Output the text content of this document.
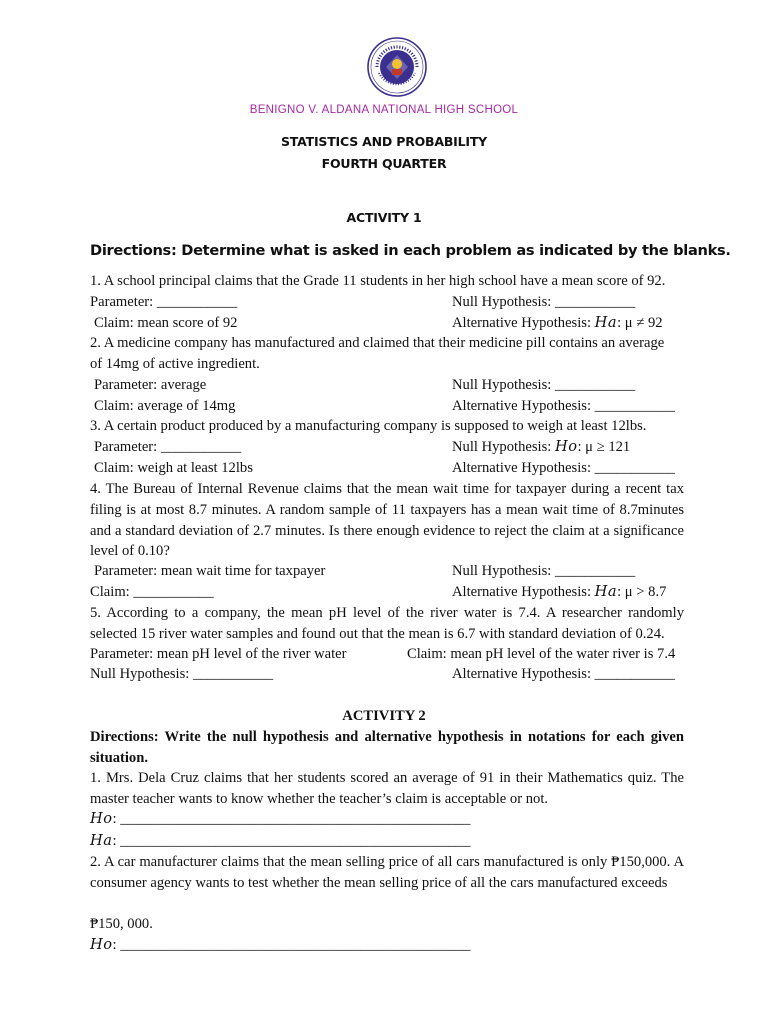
BENIGNO V. ALDANA NATIONAL HIGH SCHOOL
STATISTICS AND PROBABILITY
FOURTH QUARTER
ACTIVITY 1
Directions: Determine what is asked in each problem as indicated by the blanks.
1. A school principal claims that the Grade 11 students in her high school have a mean score of 92.
Parameter: ___________	Null Hypothesis: ___________
Claim: mean score of 92	Alternative Hypothesis: Ha: μ ≠ 92
2. A medicine company has manufactured and claimed that their medicine pill contains an average
of 14mg of active ingredient.
Parameter: average	Null Hypothesis: ___________
Claim: average of 14mg	Alternative Hypothesis: ___________
3. A certain product produced by a manufacturing company is supposed to weigh at least 12lbs.
Parameter: ___________	Null Hypothesis: Ho: μ ≥ 121
Claim: weigh at least 12lbs	Alternative Hypothesis: ___________
4. The Bureau of Internal Revenue claims that the mean wait time for taxpayer during a recent tax filing is at most 8.7 minutes. A random sample of 11 taxpayers has a mean wait time of 8.7minutes and a standard deviation of 2.7 minutes. Is there enough evidence to reject the claim at a significance level of 0.10?
Parameter: mean wait time for taxpayer	Null Hypothesis: ___________
Claim: ___________	Alternative Hypothesis: Ha: μ > 8.7
5. According to a company, the mean pH level of the river water is 7.4. A researcher randomly selected 15 river water samples and found out that the mean is 6.7 with standard deviation of 0.24.
Parameter: mean pH level of the river water	Claim: mean pH level of the water river is 7.4
Null Hypothesis: ___________	Alternative Hypothesis: ___________
ACTIVITY 2
Directions: Write the null hypothesis and alternative hypothesis in notations for each given situation.
1. Mrs. Dela Cruz claims that her students scored an average of 91 in their Mathematics quiz. The master teacher wants to know whether the teacher’s claim is acceptable or not.
Ho: ________________________________________________
Ha: ________________________________________________
2. A car manufacturer claims that the mean selling price of all cars manufactured is only ₱150,000. A consumer agency wants to test whether the mean selling price of all the cars manufactured exceeds
₱150, 000.
Ho: ________________________________________________
